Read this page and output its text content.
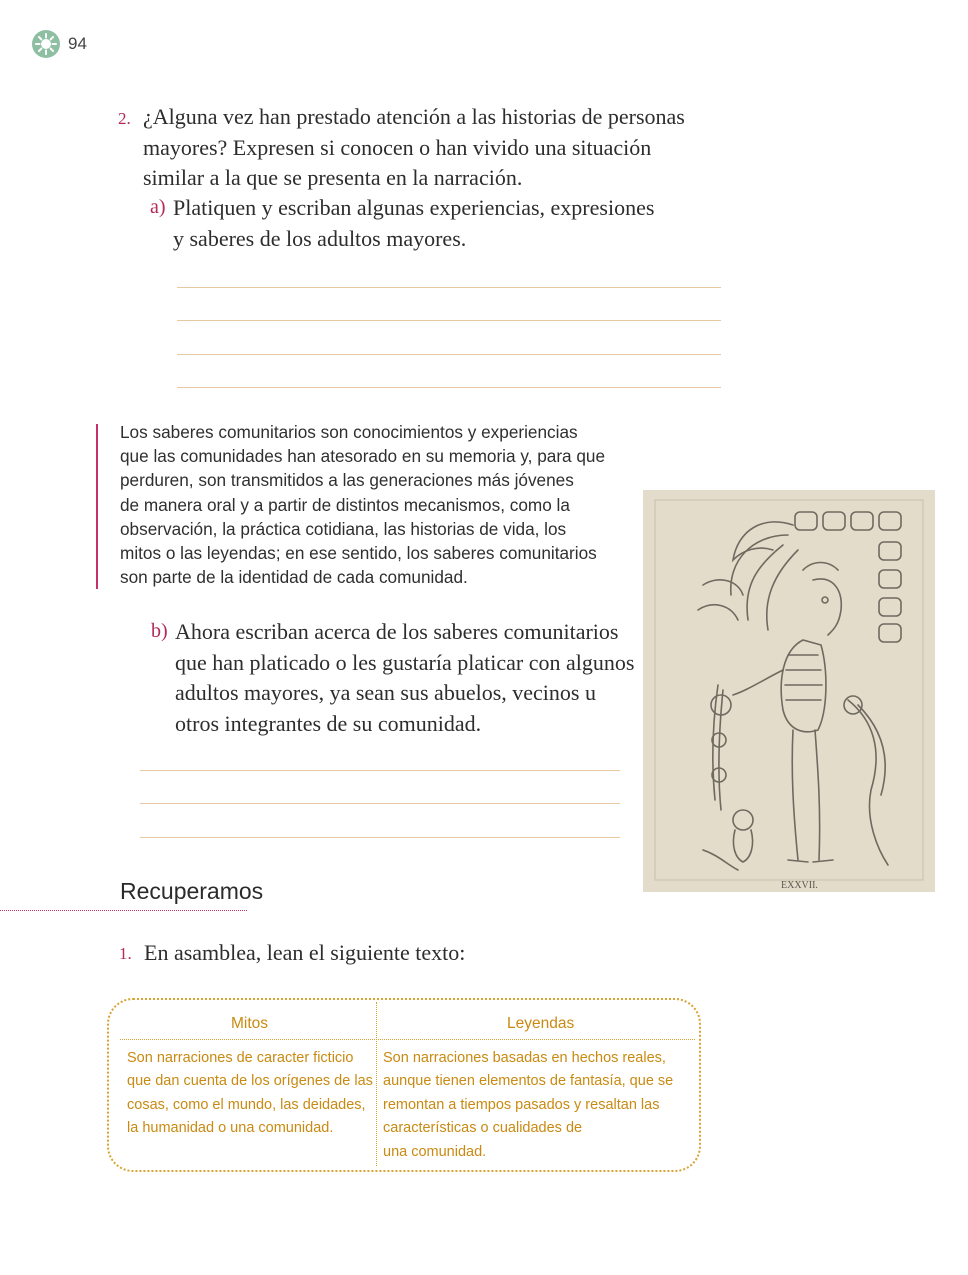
94
2. ¿Alguna vez han prestado atención a las historias de personas
mayores? Expresen si conocen o han vivido una situación
similar a la que se presenta en la narración.
a) Platiquen y escriban algunas experiencias, expresiones
y saberes de los adultos mayores.
Los saberes comunitarios son conocimientos y experiencias
que las comunidades han atesorado en su memoria y, para que
perduren, son transmitidos a las generaciones más jóvenes
de manera oral y a partir de distintos mecanismos, como la
observación, la práctica cotidiana, las historias de vida, los
mitos o las leyendas; en ese sentido, los saberes comunitarios
son parte de la identidad de cada comunidad.
EXXVII.
b) Ahora escriban acerca de los saberes comunitarios
que han platicado o les gustaría platicar con algunos
adultos mayores, ya sean sus abuelos, vecinos u
otros integrantes de su comunidad.
Recuperamos
1. En asamblea, lean el siguiente texto:
Mitos	Leyendas
Son narraciones de caracter ficticio
que dan cuenta de los orígenes de las
cosas, como el mundo, las deidades,
la humanidad o una comunidad.
Son narraciones basadas en hechos reales,
aunque tienen elementos de fantasía, que se
remontan a tiempos pasados y resaltan las
características o cualidades de
una comunidad.
